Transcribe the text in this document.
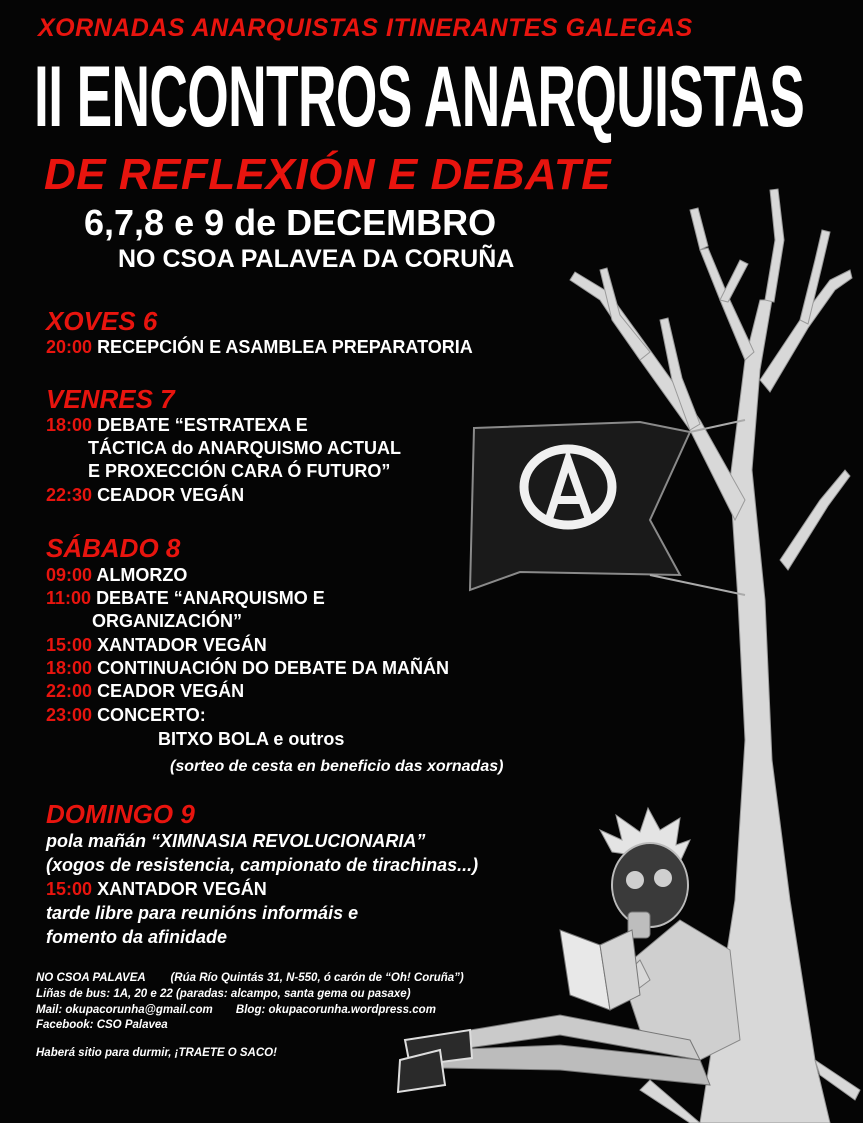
XORNADAS ANARQUISTAS ITINERANTES GALEGAS
II ENCONTROS ANARQUISTAS
DE REFLEXIÓN E DEBATE
6,7,8 e 9 de DECEMBRO
NO CSOA PALAVEA DA CORUÑA
XOVES 6
20:00 RECEPCIÓN E ASAMBLEA PREPARATORIA
VENRES 7
18:00 DEBATE “ESTRATEXA E
TÁCTICA do ANARQUISMO ACTUAL
E PROXECCIÓN CARA Ó FUTURO”
22:30 CEADOR VEGÁN
SÁBADO 8
09:00 ALMORZO
11:00 DEBATE “ANARQUISMO E
ORGANIZACIÓN”
15:00 XANTADOR VEGÁN
18:00 CONTINUACIÓN DO DEBATE DA MAÑÁN
22:00 CEADOR VEGÁN
23:00 CONCERTO:
BITXO BOLA e outros
(sorteo de cesta en beneficio das xornadas)
DOMINGO 9
pola mañán “XIMNASIA REVOLUCIONARIA”
(xogos de resistencia, campionato de tirachinas...)
15:00 XANTADOR VEGÁN
tarde libre para reunións informáis e
fomento da afinidade
NO CSOA PALAVEA (Rúa Río Quintás 31, N-550, ó carón de “Oh! Coruña”)
Liñas de bus: 1A, 20 e 22 (paradas: alcampo, santa gema ou pasaxe)
Mail: okupacorunha@gmail.com Blog: okupacorunha.wordpress.com
Facebook: CSO Palavea
Haberá sitio para durmir, ¡TRAETE O SACO!
